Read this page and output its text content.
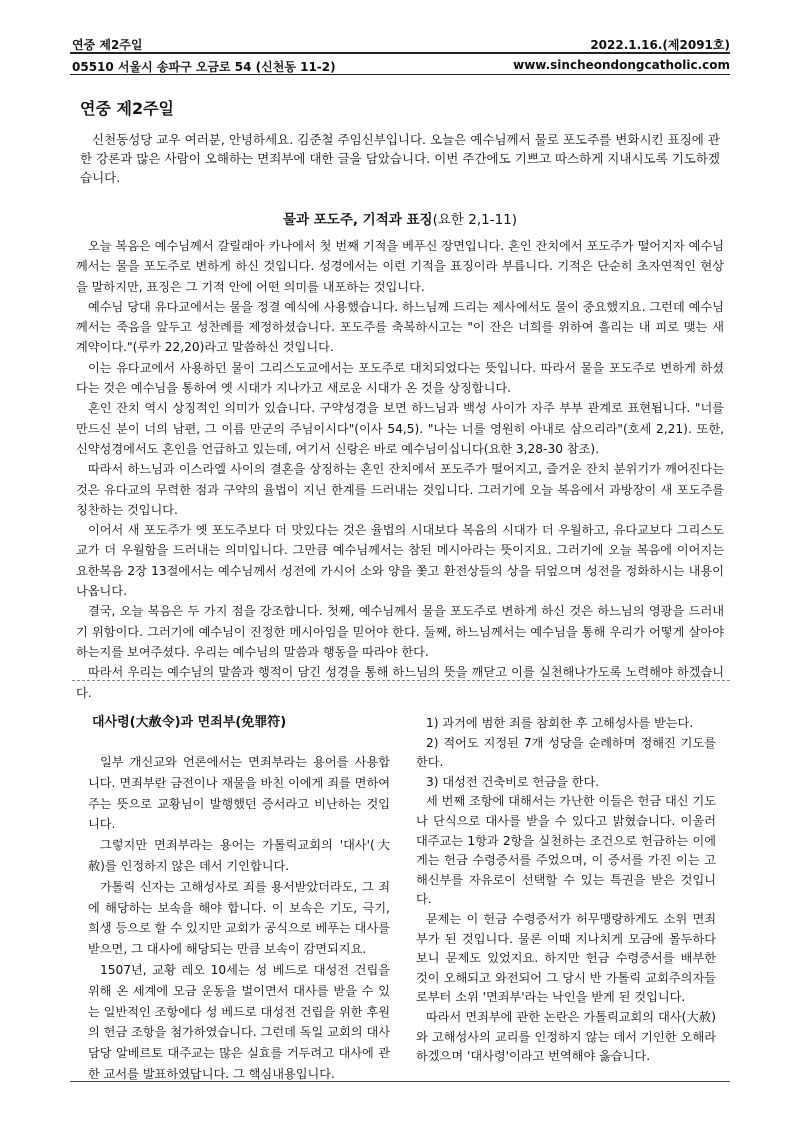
연중 제2주일	2022.1.16.(제2091호)
05510 서울시 송파구 오금로 54 (신천동 11-2)	www.sincheondongcatholic.com
연중 제2주일

신천동성당 교우 여러분, 안녕하세요. 김준철 주임신부입니다. 오늘은 예수님께서 물로 포도주를 변화시킨 표징에 관한 강론과 많은 사람이 오해하는 면죄부에 대한 글을 담았습니다. 이번 주간에도 기쁘고 따스하게 지내시도록 기도하겠습니다.

물과 포도주, 기적과 표징(요한 2,1-11)

오늘 복음은 예수님께서 갈릴래아 카나에서 첫 번째 기적을 베푸신 장면입니다. 혼인 잔치에서 포도주가 떨어지자 예수님께서는 물을 포도주로 변하게 하신 것입니다. 성경에서는 이런 기적을 표징이라 부릅니다. 기적은 단순히 초자연적인 현상을 말하지만, 표징은 그 기적 안에 어떤 의미를 내포하는 것입니다.

예수님 당대 유다교에서는 물을 정결 예식에 사용했습니다. 하느님께 드리는 제사에서도 물이 중요했지요. 그런데 예수님께서는 죽음을 앞두고 성찬례를 제정하셨습니다. 포도주를 축복하시고는 "이 잔은 너희를 위하여 흘리는 내 피로 맺는 새 계약이다."(루카 22,20)라고 말씀하신 것입니다.

이는 유다교에서 사용하던 물이 그리스도교에서는 포도주로 대치되었다는 뜻입니다. 따라서 물을 포도주로 변하게 하셨다는 것은 예수님을 통하여 옛 시대가 지나가고 새로운 시대가 온 것을 상징합니다.

혼인 잔치 역시 상징적인 의미가 있습니다. 구약성경을 보면 하느님과 백성 사이가 자주 부부 관계로 표현됩니다. "너를 만드신 분이 너의 남편, 그 이름 만군의 주님이시다"(이사 54,5). "나는 너를 영원히 아내로 삼으리라"(호세 2,21). 또한, 신약성경에서도 혼인을 언급하고 있는데, 여기서 신랑은 바로 예수님이십니다(요한 3,28-30 참조).

따라서 하느님과 이스라엘 사이의 결혼을 상징하는 혼인 잔치에서 포도주가 떨어지고, 즐거운 잔치 분위기가 깨어진다는 것은 유다교의 무력한 점과 구약의 율법이 지닌 한계를 드러내는 것입니다. 그러기에 오늘 복음에서 과방장이 새 포도주를 칭찬하는 것입니다.

이어서 새 포도주가 옛 포도주보다 더 맛있다는 것은 율법의 시대보다 복음의 시대가 더 우월하고, 유다교보다 그리스도교가 더 우월함을 드러내는 의미입니다. 그만큼 예수님께서는 참된 메시아라는 뜻이지요. 그러기에 오늘 복음에 이어지는 요한복음 2장 13절에서는 예수님께서 성전에 가시어 소와 양을 쫓고 환전상들의 상을 뒤엎으며 성전을 정화하시는 내용이 나옵니다.

결국, 오늘 복음은 두 가지 점을 강조합니다. 첫째, 예수님께서 물을 포도주로 변하게 하신 것은 하느님의 영광을 드러내기 위함이다. 그러기에 예수님이 진정한 메시아임을 믿어야 한다. 둘째, 하느님께서는 예수님을 통해 우리가 어떻게 살아야 하는지를 보여주셨다. 우리는 예수님의 말씀과 행동을 따라야 한다.

따라서 우리는 예수님의 말씀과 행적이 담긴 성경을 통해 하느님의 뜻을 깨닫고 이를 실천해나가도록 노력해야 하겠습니다.

대사령(大赦令)과 면죄부(免罪符)

일부 개신교와 언론에서는 면죄부라는 용어를 사용합니다. 면죄부란 금전이나 재물을 바친 이에게 죄를 면하여 주는 뜻으로 교황님이 발행했던 증서라고 비난하는 것입니다.

그렇지만 면죄부라는 용어는 가톨릭교회의 '대사'(大赦)를 인정하지 않은 데서 기인합니다.

가톨릭 신자는 고해성사로 죄를 용서받았더라도, 그 죄에 해당하는 보속을 해야 합니다. 이 보속은 기도, 극기, 희생 등으로 할 수 있지만 교회가 공식으로 베푸는 대사를 받으면, 그 대사에 해당되는 만큼 보속이 감면되지요.

1507년, 교황 레오 10세는 성 베드로 대성전 건립을 위해 온 세계에 모금 운동을 벌이면서 대사를 받을 수 있는 일반적인 조항에다 성 베드로 대성전 건립을 위한 후원의 헌금 조항을 첨가하였습니다. 그런데 독일 교회의 대사 담당 알베르토 대주교는 많은 실효를 거두려고 대사에 관한 교서를 발표하였답니다. 그 핵심내용입니다.

1) 과거에 범한 죄를 참회한 후 고해성사를 받는다.

2) 적어도 지정된 7개 성당을 순례하며 정해진 기도를 한다.

3) 대성전 건축비로 헌금을 한다.

세 번째 조항에 대해서는 가난한 이들은 헌금 대신 기도나 단식으로 대사를 받을 수 있다고 밝혔습니다. 이울러 대주교는 1항과 2항을 실천하는 조건으로 헌금하는 이에게는 헌금 수령증서를 주었으며, 이 증서를 가진 이는 고해신부를 자유로이 선택할 수 있는 특권을 받은 것입니다.

문제는 이 헌금 수령증서가 허무맹랑하게도 소위 면죄부가 된 것입니다. 물론 이때 지나치게 모금에 몰두하다 보니 문제도 있었지요. 하지만 헌금 수령증서를 배부한 것이 오해되고 와전되어 그 당시 반 가톨릭 교회주의자들로부터 소위 '면죄부'라는 낙인을 받게 된 것입니다.

따라서 면죄부에 관한 논란은 가톨릭교회의 대사(大赦)와 고해성사의 교리를 인정하지 않는 데서 기인한 오해라 하겠으며 '대사령'이라고 번역해야 옳습니다.
